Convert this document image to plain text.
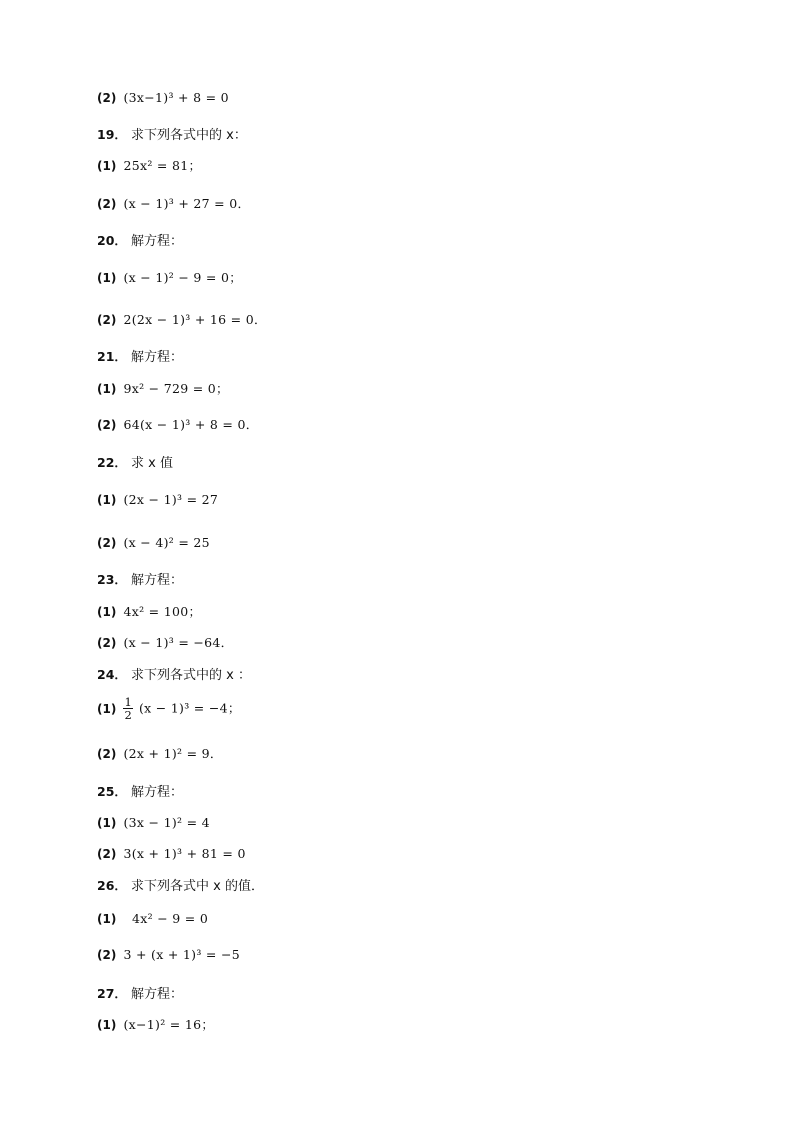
(2) (3x−1)³ + 8 = 0
19． 求下列各式中的 x：
(1) 25x² = 81；
(2) (x − 1)³ + 27 = 0．
20． 解方程：
(1) (x − 1)² − 9 = 0；
(2) 2(2x − 1)³ + 16 = 0．
21． 解方程：
(1) 9x² − 729 = 0；
(2) 64(x − 1)³ + 8 = 0．
22． 求 x 值
(1) (2x − 1)³ = 27
(2) (x − 4)² = 25
23． 解方程：
(1) 4x² = 100；
(2) (x − 1)³ = −64．
24． 求下列各式中的 x ：
$(1) \frac{1}{2} (x - 1)^3 = -4$；
(2) (2x + 1)² = 9．
25． 解方程：
(1) (3x − 1)² = 4
(2) 3(x + 1)³ + 81 = 0
26． 求下列各式中 x 的值．
(1)   4x² − 9 = 0
(2) 3 + (x + 1)³ = −5
27． 解方程：
(1) (x−1)² = 16；
